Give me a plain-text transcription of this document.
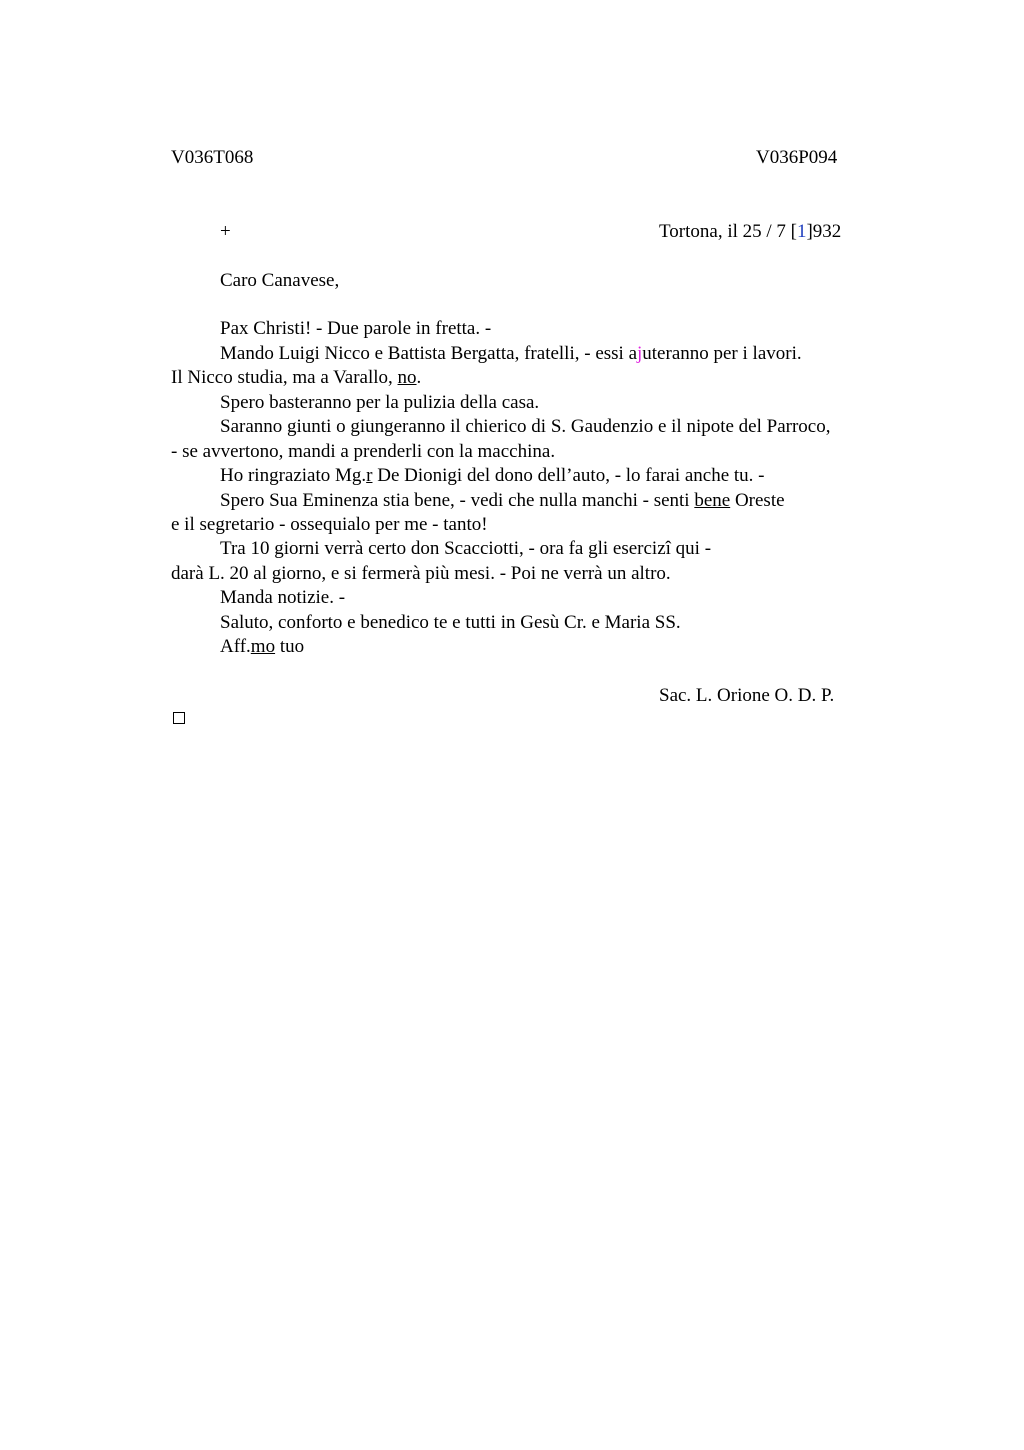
V036T068	V036P094
+	Tortona, il 25 / 7 [1]932
Caro Canavese,
Pax Christi! - Due parole in fretta. -
Mando Luigi Nicco e Battista Bergatta, fratelli, - essi ajuteranno per i lavori.
Il Nicco studia, ma a Varallo, no.
Spero basteranno per la pulizia della casa.
Saranno giunti o giungeranno il chierico di S. Gaudenzio e il nipote del Parroco,
- se avvertono, mandi a prenderli con la macchina.
Ho ringraziato Mg.r De Dionigi del dono dell’auto, - lo farai anche tu. -
Spero Sua Eminenza stia bene, - vedi che nulla manchi - senti bene Oreste
e il segretario - ossequialo per me - tanto!
Tra 10 giorni verrà certo don Scacciotti, - ora fa gli esercizi qui -
darà L. 20 al giorno, e si fermerà più mesi. - Poi ne verrà un altro.
Manda notizie. -
Saluto, conforto e benedico te e tutti in Gesù Cr. e Maria SS.
Aff.mo tuo
Sac. L. Orione O. D. P.
